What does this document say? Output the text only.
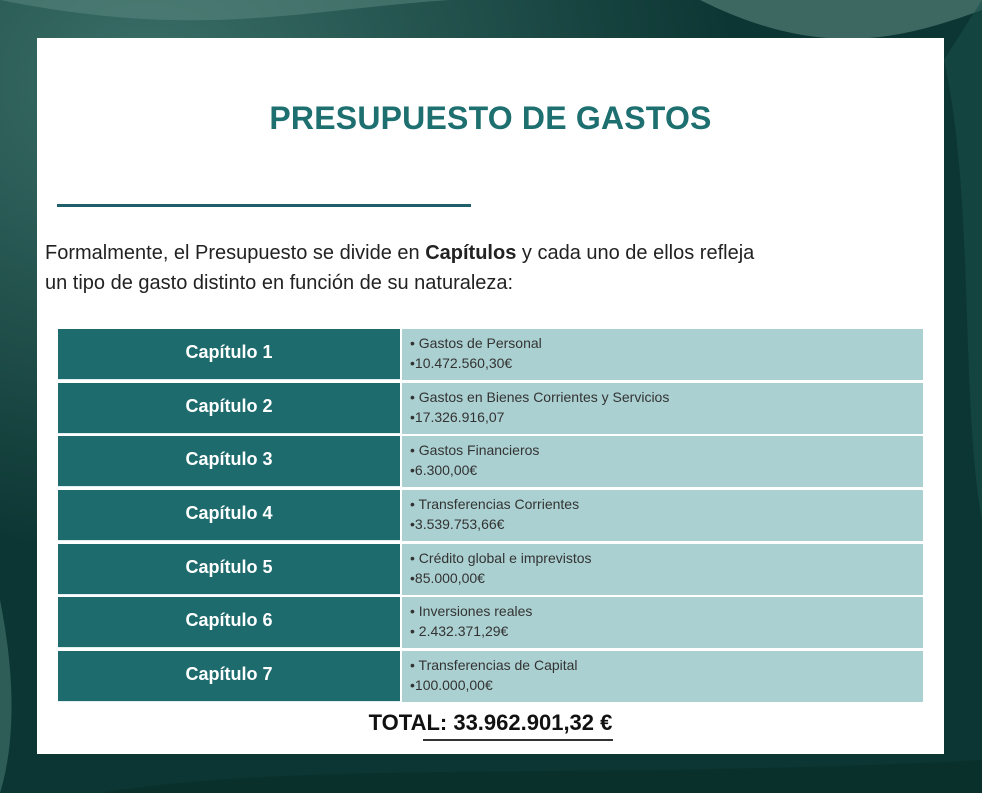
PRESUPUESTO DE GASTOS
Formalmente, el Presupuesto se divide en Capítulos y cada uno de ellos refleja
un tipo de gasto distinto en función de su naturaleza:
Capítulo 1	• Gastos de Personal
•10.472.560,30€
Capítulo 2	• Gastos en Bienes Corrientes y Servicios
•17.326.916,07
Capítulo 3	• Gastos Financieros
•6.300,00€
Capítulo 4	• Transferencias Corrientes
•3.539.753,66€
Capítulo 5	• Crédito global e imprevistos
•85.000,00€
Capítulo 6	• Inversiones reales
• 2.432.371,29€
Capítulo 7	• Transferencias de Capital
•100.000,00€
TOTAL: 33.962.901,32 €
